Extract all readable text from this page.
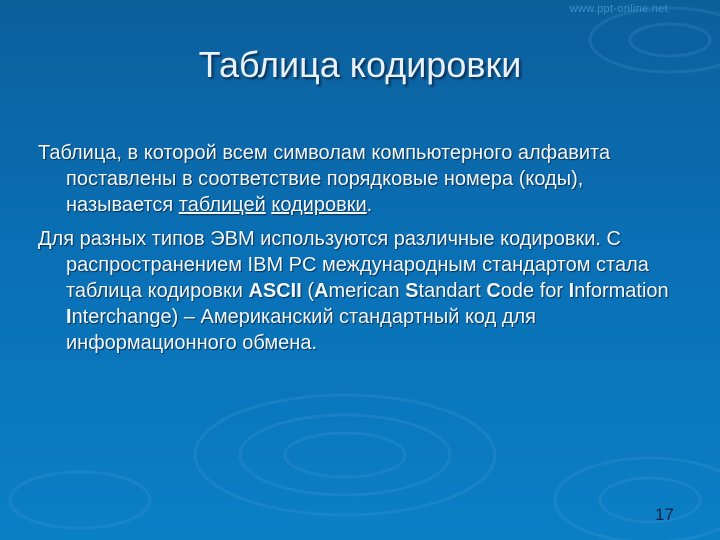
www.ppt-online.net
Таблица кодировки

Таблица, в которой всем символам компьютерного алфавита поставлены в соответствие порядковые номера (коды), называется таблицей кодировки.

Для разных типов ЭВМ используются различные кодировки. С распространением IBM PC международным стандартом стала таблица кодировки ASCII (American Standart Code for Information Interchange) – Американский стандартный код для информационного обмена.

17
